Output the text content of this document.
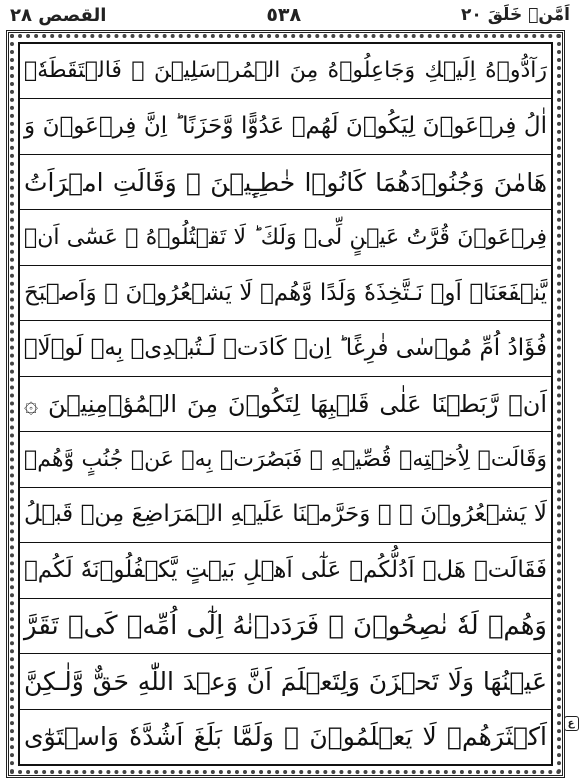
اَمَّنۡ خَلَقَ ٢٠
٥٣٨
القصص ٢٨
رَآدُّوۡهُ اِلَيۡكِ وَجَاعِلُوۡهُ مِنَ الۡمُرۡسَلِيۡنَ ۞ فَالۡتَقَطَهٗۤ
اٰلُ فِرۡعَوۡنَ لِيَكُوۡنَ لَهُمۡ عَدُوًّا وَّحَزَنًا ؕ اِنَّ فِرۡعَوۡنَ وَ
هَامٰنَ وَجُنُوۡدَهُمَا كَانُوۡا خٰطِـِٕيۡنَ ۞ وَقَالَتِ امۡرَاَتُ
فِرۡعَوۡنَ قُرَّتُ عَيۡنٍ لِّىۡ وَلَكَ ؕ لَا تَقۡتُلُوۡهُ ۖ عَسٰٓى اَنۡ
يَّنۡفَعَنَاۤ اَوۡ نَـتَّخِذَهٗ وَلَدًا وَّهُمۡ لَا يَشۡعُرُوۡنَ ۞ وَاَصۡبَحَ
فُؤَادُ اُمِّ مُوۡسٰى فٰرِغًا ؕ اِنۡ كَادَتۡ لَـتُبۡدِىۡ بِهٖ لَوۡلَاۤ
اَنۡ رَّبَطۡنَا عَلٰى قَلۡبِهَا لِتَكُوۡنَ مِنَ الۡمُؤۡمِنِيۡنَ ۞
وَقَالَتۡ لِاُخۡتِهٖ قُصِّيۡهِ ۫ فَبَصُرَتۡ بِهٖ عَنۡ جُنُبٍ وَّهُمۡ
لَا يَشۡعُرُوۡنَ ۞ ۙ وَحَرَّمۡنَا عَلَيۡهِ الۡمَرَاضِعَ مِنۡ قَبۡلُ
فَقَالَتۡ هَلۡ اَدُلُّكُمۡ عَلٰٓى اَهۡلِ بَيۡتٍ يَّكۡفُلُوۡنَهٗ لَكُمۡ
وَهُمۡ لَهٗ نٰصِحُوۡنَ ۞ فَرَدَدۡنٰهُ اِلٰٓى اُمِّهٖ كَىۡ تَقَرَّ
عَيۡنُهَا وَلَا تَحۡزَنَ وَلِتَعۡلَمَ اَنَّ وَعۡدَ اللّٰهِ حَقٌّ وَّلٰـكِنَّ
اَكۡثَرَهُمۡ لَا يَعۡلَمُوۡنَ ۞ وَلَمَّا بَلَغَ اَشُدَّهٗ وَاسۡتَوٰٓى	ع
